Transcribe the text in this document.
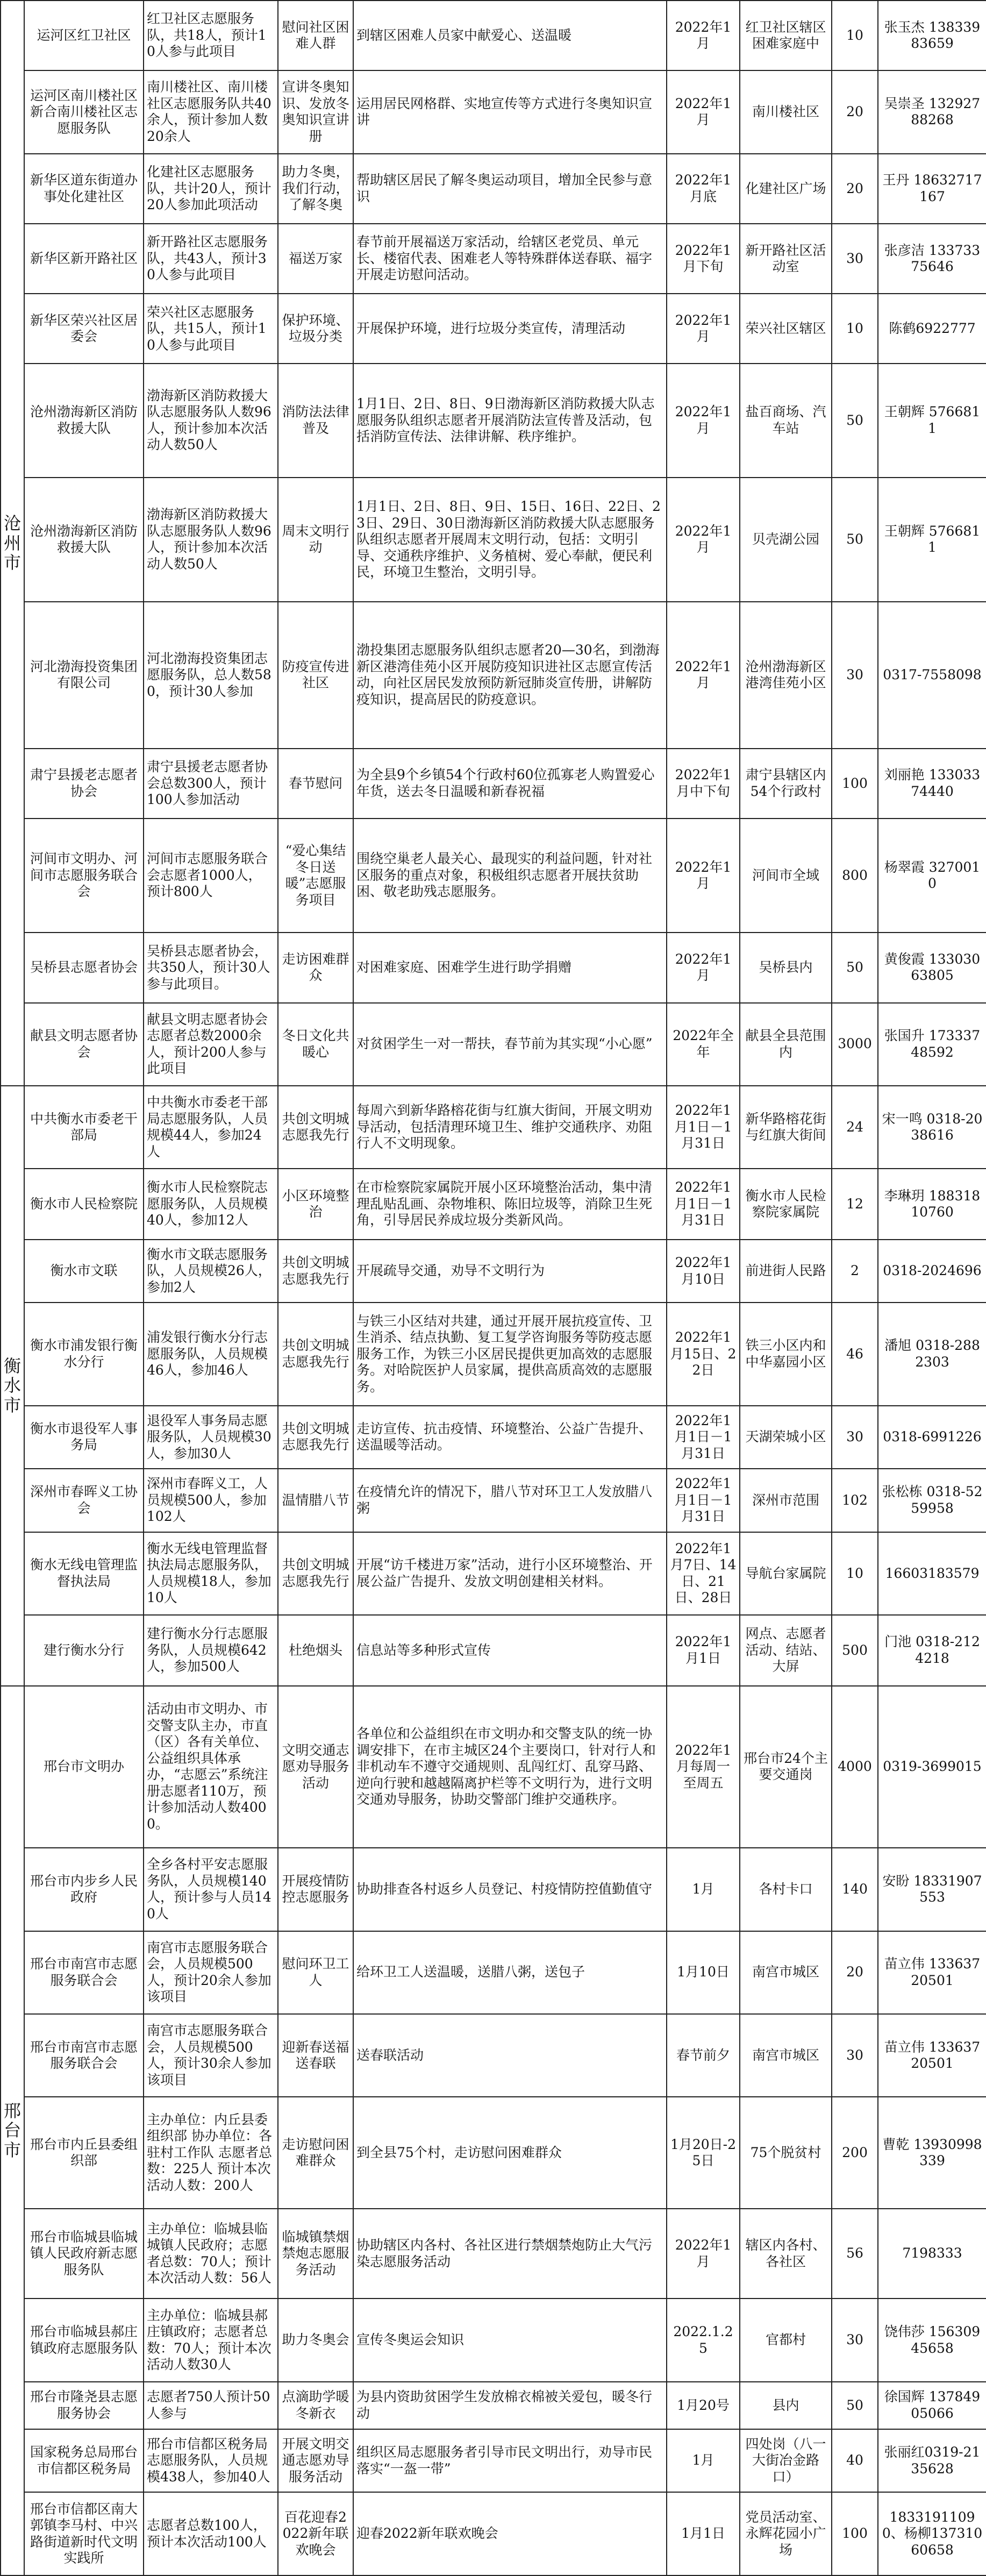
沧州市	运河区红卫社区	红卫社区志愿服务队，共18人，预计10人参与此项目	慰问社区困难人群	到辖区困难人员家中献爱心、送温暖	2022年1月	红卫社区辖区困难家庭中	10	张玉杰 13833983659
	运河区南川楼社区新合南川楼社区志愿服务队	南川楼社区、南川楼社区志愿服务队共40余人，预计参加人数20余人	宣讲冬奥知识、发放冬奥知识宣讲册	运用居民网格群、实地宣传等方式进行冬奥知识宣讲	2022年1月	南川楼社区	20	吴崇圣 13292788268
	新华区道东街道办事处化建社区	化建社区志愿服务队，共计20人，预计20人参加此项活动	助力冬奥，我们行动，了解冬奥	帮助辖区居民了解冬奥运动项目，增加全民参与意识	2022年1月底	化建社区广场	20	王丹 18632717167
	新华区新开路社区	新开路社区志愿服务队，共43人，预计30人参与此项目	福送万家	春节前开展福送万家活动，给辖区老党员、单元长、楼宿代表、困难老人等特殊群体送春联、福字开展走访慰问活动。	2022年1月下旬	新开路社区活动室	30	张彦洁 13373375646
	新华区荣兴社区居委会	荣兴社区志愿服务队，共15人，预计10人参与此项目	保护环境、垃圾分类	开展保护环境，进行垃圾分类宣传，清理活动	2022年1月	荣兴社区辖区	10	陈鹤6922777
	沧州渤海新区消防救援大队	渤海新区消防救援大队志愿服务队人数96人，预计参加本次活动人数50人	消防法法律普及	1月1日、2日、8日、9日渤海新区消防救援大队志愿服务队组织志愿者开展消防法宣传普及活动，包括消防宣传法、法律讲解、秩序维护。	2022年1月	盐百商场、汽车站	50	王朝辉 5766811
	沧州渤海新区消防救援大队	渤海新区消防救援大队志愿服务队人数96人，预计参加本次活动人数50人	周末文明行动	1月1日、2日、8日、9日、15日、16日、22日、23日、29日、30日渤海新区消防救援大队志愿服务队组织志愿者开展周末文明行动，包括：文明引导、交通秩序维护、义务植树、爱心奉献，便民利民，环境卫生整治，文明引导。	2022年1月	贝壳湖公园	50	王朝辉 5766811
	河北渤海投资集团有限公司	河北渤海投资集团志愿服务队，总人数580，预计30人参加	防疫宣传进社区	渤投集团志愿服务队组织志愿者20—30名，到渤海新区港湾佳苑小区开展防疫知识进社区志愿宣传活动，向社区居民发放预防新冠肺炎宣传册，讲解防疫知识，提高居民的防疫意识。	2022年1月	沧州渤海新区港湾佳苑小区	30	0317-7558098
	肃宁县援老志愿者协会	肃宁县援老志愿者协会总数300人，预计100人参加活动	春节慰问	为全县9个乡镇54个行政村60位孤寡老人购置爱心年货，送去冬日温暖和新春祝福	2022年1月中下旬	肃宁县辖区内54个行政村	100	刘丽艳 13303374440
	河间市文明办、河间市志愿服务联合会	河间市志愿服务联合会志愿者1000人，预计800人	“爱心集结 冬日送暖”志愿服务项目	围绕空巢老人最关心、最现实的利益问题，针对社区服务的重点对象，积极组织志愿者开展扶贫助困、敬老助残志愿服务。	2022年1月	河间市全域	800	杨翠霞 3270010
	吴桥县志愿者协会	吴桥县志愿者协会，共350人，预计30人参与此项目。	走访困难群众	对困难家庭、困难学生进行助学捐赠	2022年1月	吴桥县内	50	黄俊霞 13303063805
	献县文明志愿者协会	献县文明志愿者协会志愿者总数2000余人，预计200人参与此项目	冬日文化共暖心	对贫困学生一对一帮扶，春节前为其实现“小心愿”	2022年全年	献县全县范围内	3000	张国升 17333748592
衡水市	中共衡水市委老干部局	中共衡水市委老干部局志愿服务队，人员规模44人，参加24人	共创文明城志愿我先行	每周六到新华路榕花街与红旗大街间，开展文明劝导活动，包括清理环境卫生、维护交通秩序、劝阻行人不文明现象。	2022年1月1日－1月31日	新华路榕花街与红旗大街间	24	宋一鸣 0318-2038616
	衡水市人民检察院	衡水市人民检察院志愿服务队，人员规模40人，参加12人	小区环境整治	在市检察院家属院开展小区环境整治活动，集中清理乱贴乱画、杂物堆积、陈旧垃圾等，消除卫生死角，引导居民养成垃圾分类新风尚。	2022年1月1日－1月31日	衡水市人民检察院家属院	12	李琳玥 18831810760
	衡水市文联	衡水市文联志愿服务队，人员规模26人，参加2人	共创文明城志愿我先行	开展疏导交通，劝导不文明行为	2022年1月10日	前进街人民路	2	0318-2024696
	衡水市浦发银行衡水分行	浦发银行衡水分行志愿服务队，人员规模46人，参加46人	共创文明城志愿我先行	与铁三小区结对共建，通过开展开展抗疫宣传、卫生消杀、结点执勤、复工复学咨询服务等防疫志愿服务工作，为铁三小区居民提供更加高效的志愿服务。对哈院医护人员家属，提供高质高效的志愿服务。	2022年1月15日、22日	铁三小区内和中华嘉园小区	46	潘旭 0318-2882303
	衡水市退役军人事务局	退役军人事务局志愿服务队，人员规模30人，参加30人	共创文明城志愿我先行	走访宣传、抗击疫情、环境整治、公益广告提升、送温暖等活动。	2022年1月1日－1月31日	天湖荣城小区	30	0318-6991226
	深州市春晖义工协会	深州市春晖义工，人员规模500人，参加102人	温情腊八节	在疫情允许的情况下，腊八节对环卫工人发放腊八粥	2022年1月1日－1月31日	深州市范围	102	张松栋 0318-5259958
	衡水无线电管理监督执法局	衡水无线电管理监督执法局志愿服务队，人员规模18人，参加10人	共创文明城志愿我先行	开展“访千楼进万家”活动，进行小区环境整治、开展公益广告提升、发放文明创建相关材料。	2022年1月7日、14日、21日、28日	导航台家属院	10	16603183579
	建行衡水分行	建行衡水分行志愿服务队，人员规模642人，参加500人	杜绝烟头	信息站等多种形式宣传	2022年1月1日	网点、志愿者活动、结站、大屏	500	门池 0318-2124218
邢台市	邢台市文明办	活动由市文明办、市交警支队主办，市直（区）各有关单位、公益组织具体承办，“志愿云”系统注册志愿者110万，预计参加活动人数4000。	文明交通志愿劝导服务活动	各单位和公益组织在市文明办和交警支队的统一协调安排下，在市主城区24个主要岗口，针对行人和非机动车不遵守交通规则、乱闯红灯、乱穿马路、逆向行驶和越越隔离护栏等不文明行为，进行文明交通劝导服务，协助交警部门维护交通秩序。	2022年1月每周一至周五	邢台市24个主要交通岗	4000	0319-3699015
	邢台市内步乡人民政府	全乡各村平安志愿服务队，人员规模140人，预计参与人员140人	开展疫情防控志愿服务	协助排查各村返乡人员登记、村疫情防控值勤值守	1月	各村卡口	140	安盼 18331907553
	邢台市南宫市志愿服务联合会	南宫市志愿服务联合会，人员规模500人，预计20余人参加该项目	慰问环卫工人	给环卫工人送温暖，送腊八粥，送包子	1月10日	南宫市城区	20	苗立伟 13363720501
	邢台市南宫市志愿服务联合会	南宫市志愿服务联合会，人员规模500人，预计30余人参加该项目	迎新春送福送春联	送春联活动	春节前夕	南宫市城区	30	苗立伟 13363720501
	邢台市内丘县委组织部	主办单位：内丘县委组织部 协办单位：各驻村工作队 志愿者总数：225人 预计本次活动人数：200人	走访慰问困难群众	到全县75个村，走访慰问困难群众	1月20日-25日	75个脱贫村	200	曹乾 13930998339
	邢台市临城县临城镇人民政府新志愿服务队	主办单位：临城县临城镇人民政府；志愿者总数：70人；预计本次活动人数：56人	临城镇禁烟禁炮志愿服务活动	协助辖区内各村、各社区进行禁烟禁炮防止大气污染志愿服务活动	2022年1月	辖区内各村、各社区	56	7198333
	邢台市临城县郝庄镇政府志愿服务队	主办单位：临城县郝庄镇政府；志愿者总数：70人；预计本次活动人数30人	助力冬奥会	宣传冬奥运会知识	2022.1.25	官都村	30	饶伟莎 15630945658
	邢台市隆尧县志愿服务协会	志愿者750人预计50人参与	点滴助学暖冬新衣	为县内资助贫困学生发放棉衣棉被关爱包，暖冬行动	1月20号	县内	50	徐国辉 13784905066
	国家税务总局邢台市信都区税务局	邢台市信都区税务局志愿服务队，人员规模438人，参加40人	开展文明交通志愿劝导服务活动	组织区局志愿服务者引导市民文明出行，劝导市民落实“一盔一带”	1月	四处岗（八一大街冶金路口）	40	张丽红0319-2135628
	邢台市信都区南大郭镇李马村、中兴路街道新时代文明实践所	志愿者总数100人，预计本次活动100人	百花迎春2022新年联欢晚会	迎春2022新年联欢晚会	1月1日	党员活动室、永辉花园小广场	100	18331911090、杨柳13731060658
